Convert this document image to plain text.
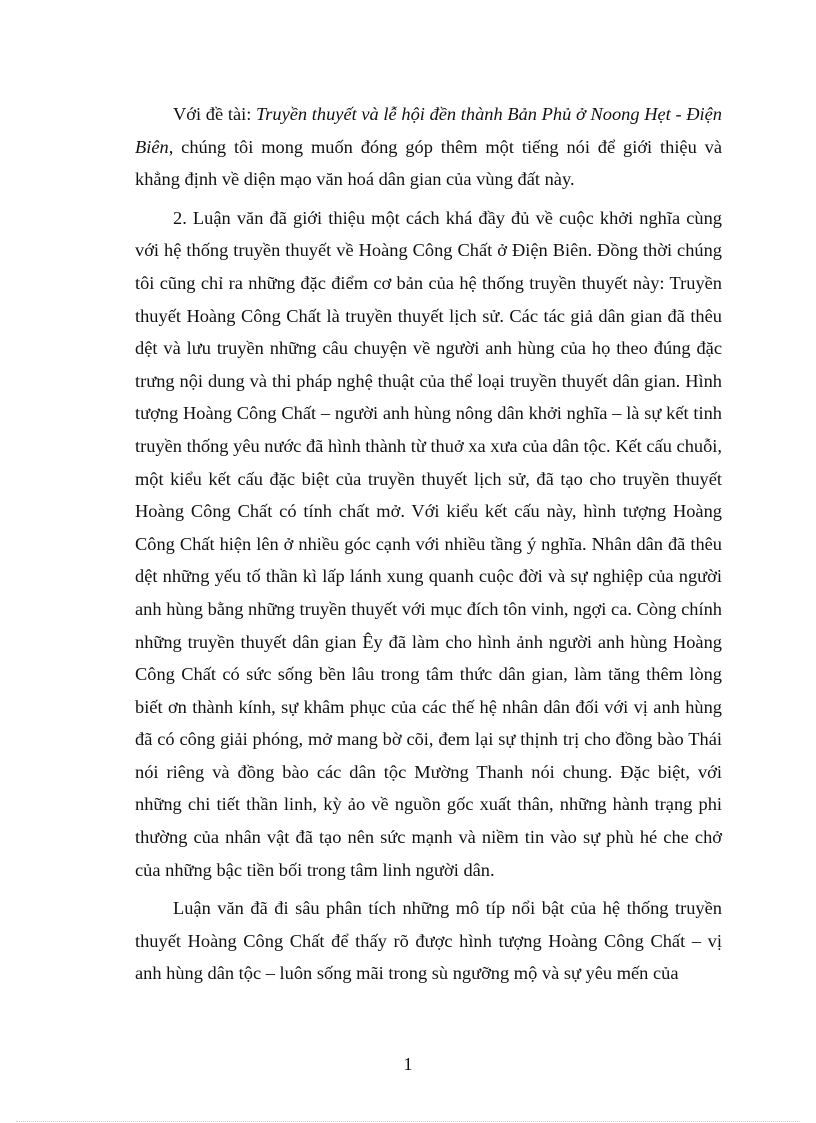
Với đề tài: Truyền thuyết và lễ hội đền thành Bản Phủ ở Noong Hẹt - Điện Biên, chúng tôi mong muốn đóng góp thêm một tiếng nói để giới thiệu và khẳng định về diện mạo văn hoá dân gian của vùng đất này.

2. Luận văn đã giới thiệu một cách khá đầy đủ về cuộc khởi nghĩa cùng với hệ thống truyền thuyết về Hoàng Công Chất ở Điện Biên. Đồng thời chúng tôi cũng chỉ ra những đặc điểm cơ bản của hệ thống truyền thuyết này: Truyền thuyết Hoàng Công Chất là truyền thuyết lịch sử. Các tác giả dân gian đã thêu dệt và lưu truyền những câu chuyện về người anh hùng của họ theo đúng đặc trưng nội dung và thi pháp nghệ thuật của thể loại truyền thuyết dân gian. Hình tượng Hoàng Công Chất – người anh hùng nông dân khởi nghĩa – là sự kết tinh truyền thống yêu nước đã hình thành từ thuở xa xưa của dân tộc. Kết cấu chuỗi, một kiểu kết cấu đặc biệt của truyền thuyết lịch sử, đã tạo cho truyền thuyết Hoàng Công Chất có tính chất mở. Với kiểu kết cấu này, hình tượng Hoàng Công Chất hiện lên ở nhiều góc cạnh với nhiều tầng ý nghĩa. Nhân dân đã thêu dệt những yếu tố thần kì lấp lánh xung quanh cuộc đời và sự nghiệp của người anh hùng bằng những truyền thuyết với mục đích tôn vinh, ngợi ca. Còng chính những truyền thuyết dân gian Êy đã làm cho hình ảnh người anh hùng Hoàng Công Chất có sức sống bền lâu trong tâm thức dân gian, làm tăng thêm lòng biết ơn thành kính, sự khâm phục của các thế hệ nhân dân đối với vị anh hùng đã có công giải phóng, mở mang bờ cõi, đem lại sự thịnh trị cho đồng bào Thái nói riêng và đồng bào các dân tộc Mường Thanh nói chung. Đặc biệt, với những chi tiết thần linh, kỳ ảo về nguồn gốc xuất thân, những hành trạng phi thường của nhân vật đã tạo nên sức mạnh và niềm tin vào sự phù hé che chở của những bậc tiền bối trong tâm linh người dân.

Luận văn đã đi sâu phân tích những mô típ nổi bật của hệ thống truyền thuyết Hoàng Công Chất để thấy rõ được hình tượng Hoàng Công Chất – vị anh hùng dân tộc – luôn sống mãi trong sù ngưỡng mộ và sự yêu mến của

1
